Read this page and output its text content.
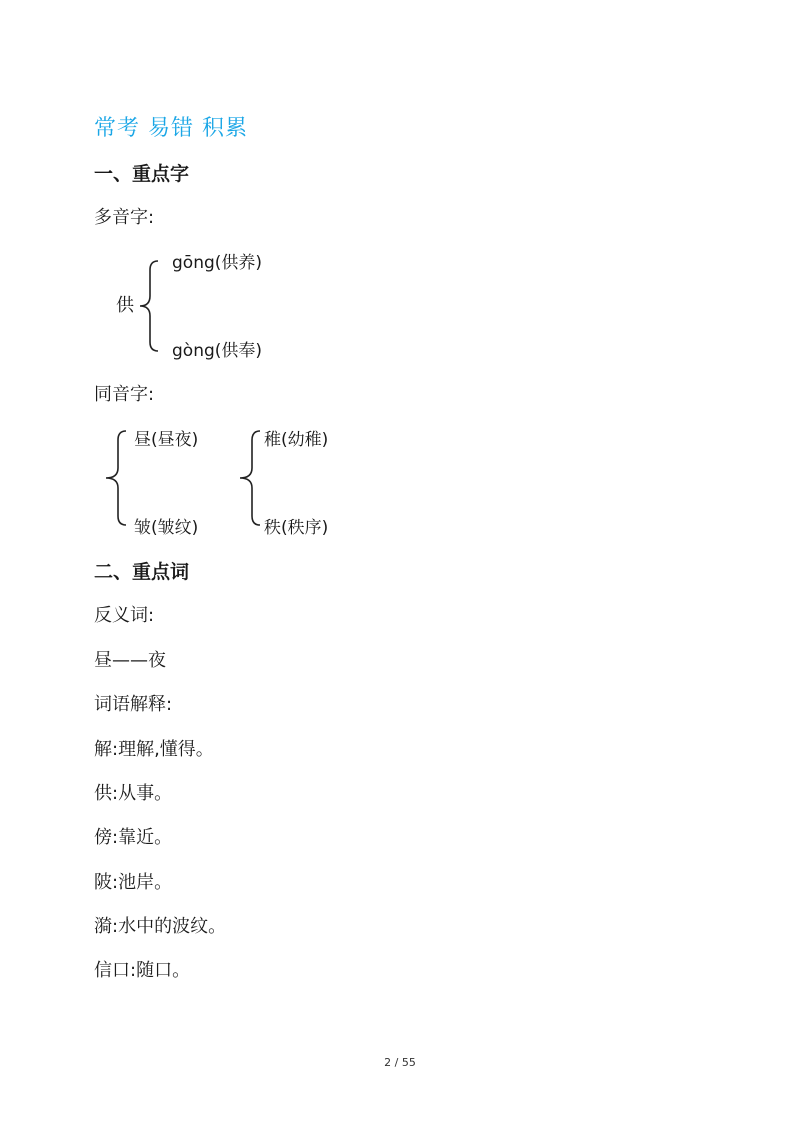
常考 易错 积累
一、重点字
多音字:
供
gōng(供养)
gòng(供奉)
同音字:
昼(昼夜)
皱(皱纹)
稚(幼稚)
秩(秩序)
二、重点词
反义词:
昼——夜
词语解释:
解:理解,懂得。
供:从事。
傍:靠近。
陂:池岸。
漪:水中的波纹。
信口:随口。
2 / 55
